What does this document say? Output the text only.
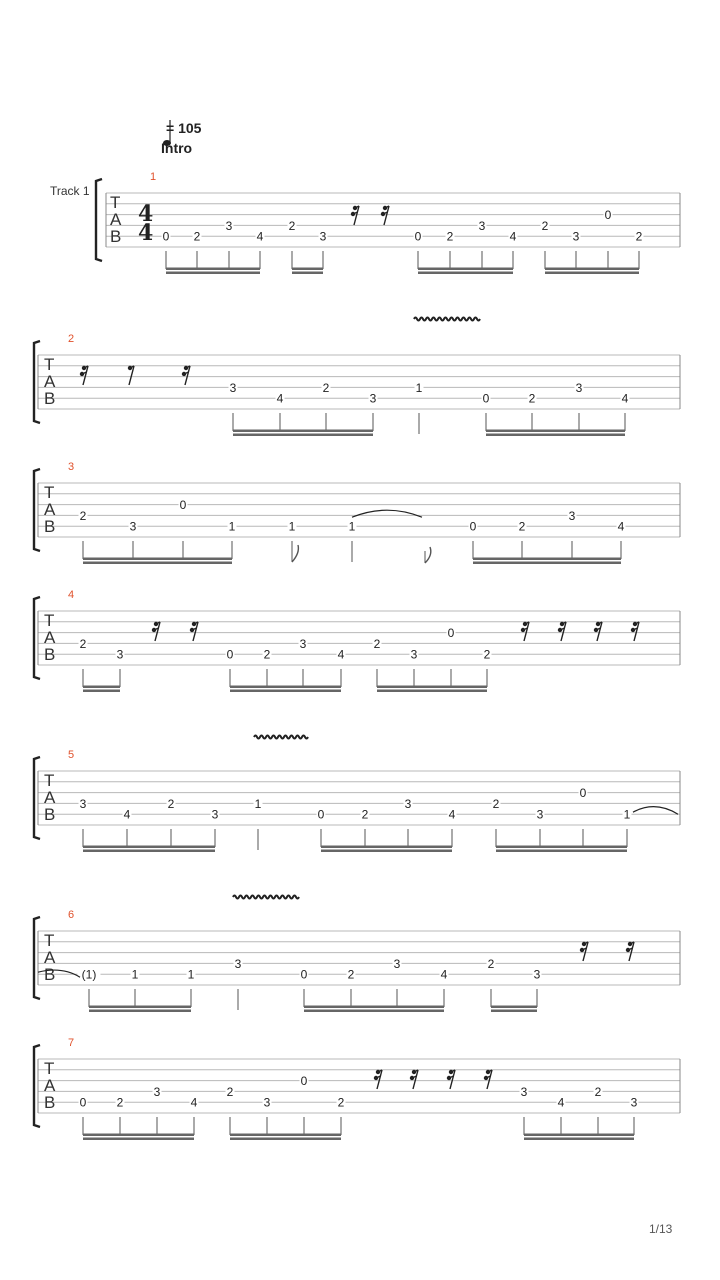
= 105
Intro
Track 1
1
T
A
B
4
4 0 2
3
4
2
3	0 2
3
4
2
3
0
2
2
T
A
B
3
4
2
3
1
0	2
3
4
3
T
A
B
2
3
0
1	1	1	0	2
3
4
4
T
A
B
2
3	0	2
3
4
2
3
0
2
5
T
A
B
3
4
2
3
1
0	2
3
4
2
3
0
1
6
T
A
B (1)	1	1
3
0	2
3
4
2
3
7
T
A
B 0	2
3
4
2
3
0
2
3
4
2
3
1/13
